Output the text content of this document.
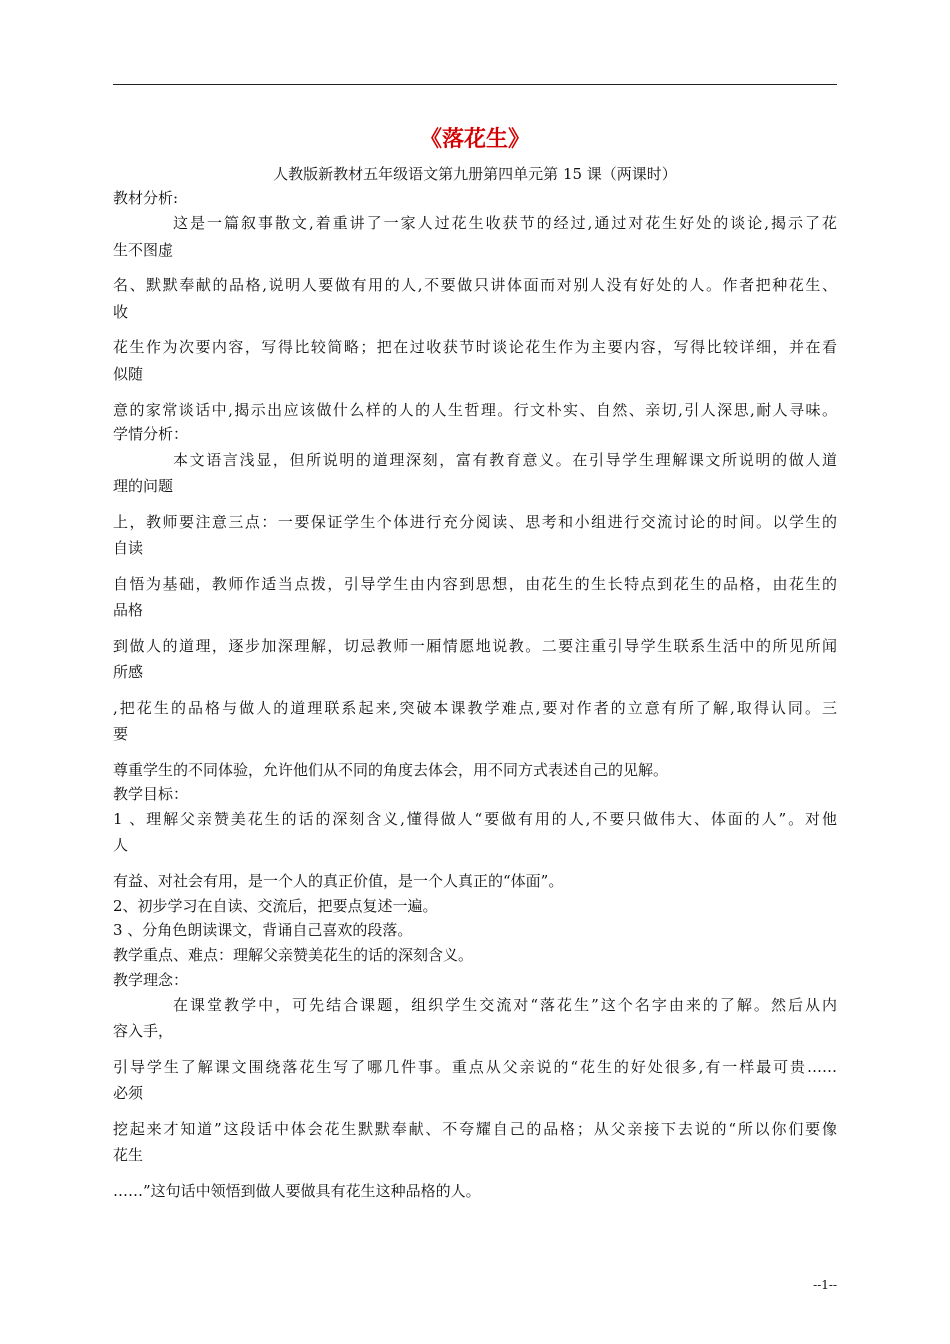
《落花生》
人教版新教材五年级语文第九册第四单元第 15 课（两课时）
教材分析:
这是一篇叙事散文,着重讲了一家人过花生收获节的经过,通过对花生好处的谈论,揭示了花
生不图虚
名、默默奉献的品格,说明人要做有用的人,不要做只讲体面而对别人没有好处的人。作者把种花生、
收
花生作为次要内容，写得比较简略；把在过收获节时谈论花生作为主要内容，写得比较详细，并在看
似随
意的家常谈话中,揭示出应该做什么样的人的人生哲理。行文朴实、自然、亲切,引人深思,耐人寻味。
学情分析：
本文语言浅显，但所说明的道理深刻，富有教育意义。在引导学生理解课文所说明的做人道
理的问题
上，教师要注意三点：一要保证学生个体进行充分阅读、思考和小组进行交流讨论的时间。以学生的
自读
自悟为基础，教师作适当点拨，引导学生由内容到思想，由花生的生长特点到花生的品格，由花生的
品格
到做人的道理，逐步加深理解，切忌教师一厢情愿地说教。二要注重引导学生联系生活中的所见所闻
所感
,把花生的品格与做人的道理联系起来,突破本课教学难点,要对作者的立意有所了解,取得认同。三
要
尊重学生的不同体验，允许他们从不同的角度去体会，用不同方式表述自己的见解。
教学目标：
1 、理解父亲赞美花生的话的深刻含义,懂得做人“要做有用的人,不要只做伟大、体面的人”。对他
人
有益、对社会有用，是一个人的真正价值，是一个人真正的“体面”。
2、初步学习在自读、交流后，把要点复述一遍。
3 、分角色朗读课文，背诵自己喜欢的段落。
教学重点、难点：理解父亲赞美花生的话的深刻含义。
教学理念：
在课堂教学中，可先结合课题，组织学生交流对“落花生”这个名字由来的了解。然后从内
容入手，
引导学生了解课文围绕落花生写了哪几件事。重点从父亲说的“花生的好处很多,有一样最可贵……
必须
挖起来才知道”这段话中体会花生默默奉献、不夸耀自己的品格；从父亲接下去说的“所以你们要像
花生
……”这句话中领悟到做人要做具有花生这种品格的人。
--1--
